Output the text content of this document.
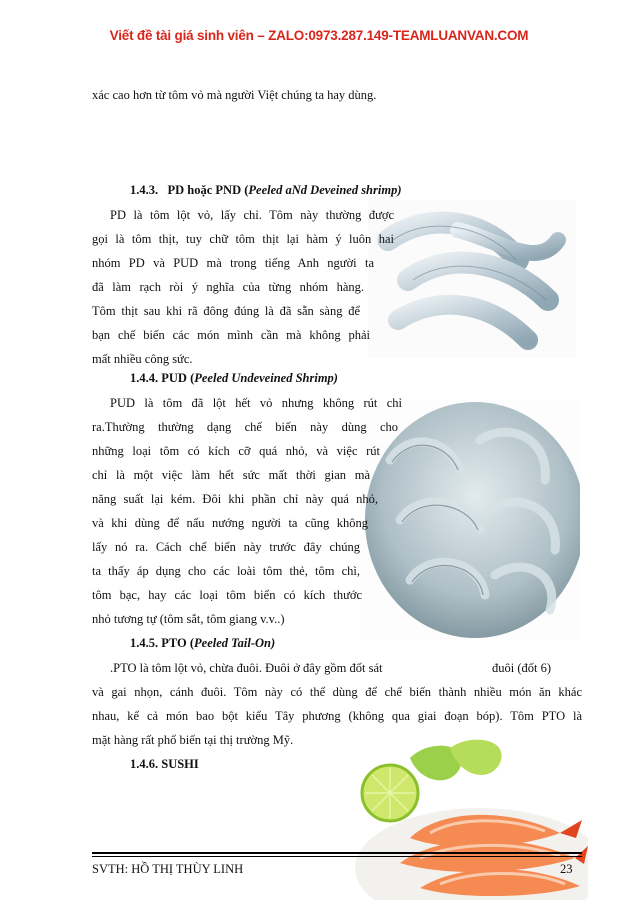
Viết đề tài giá sinh viên – ZALO:0973.287.149-TEAMLUANVAN.COM
xác cao hơn từ tôm vỏ mà người Việt chúng ta hay dùng.
1.4.3. PD hoặc PND (Peeled aNd Deveined shrimp)
PD là tôm lột vỏ, lấy chỉ. Tôm này thường được
gọi là tôm thịt, tuy chữ tôm thịt lại hàm ý luôn hai
nhóm PD và PUD mà trong tiếng Anh người ta
đã làm rạch ròi ý nghĩa của từng nhóm hàng.
Tôm thịt sau khi rã đông đúng là đã sẵn sàng để
bạn chế biến các món mình cần mà không phải
mất nhiều công sức.
1.4.4. PUD (Peeled Undeveined Shrimp)
PUD là tôm đã lột hết vỏ nhưng không rút chỉ
ra.Thường thường dạng chế biến này dùng cho
những loại tôm có kích cỡ quá nhỏ, và việc rút
chỉ là một việc làm hết sức mất thời gian mà
năng suất lại kém. Đôi khi phần chỉ này quá nhỏ,
và khi dùng để nấu nướng người ta cũng không
lấy nó ra. Cách chế biến này trước đây chúng
ta thấy áp dụng cho các loài tôm thẻ, tôm chì,
tôm bạc, hay các loại tôm biển có kích thước
nhỏ tương tự (tôm sắt, tôm giang v.v..)
1.4.5. PTO (Peeled Tail-On)
.PTO là tôm lột vỏ, chừa đuôi. Đuôi ở đây gồm đốt sát	đuôi (đốt 6)
và gai nhọn, cánh đuôi. Tôm này có thể dùng để chế biến thành nhiều món ăn khác
nhau, kể cả món bao bột kiểu Tây phương (không qua giai đoạn bóp). Tôm PTO là
mặt hàng rất phổ biến tại thị trường Mỹ.
1.4.6. SUSHI
SVTH: HỒ THỊ THÙY LINH	23
